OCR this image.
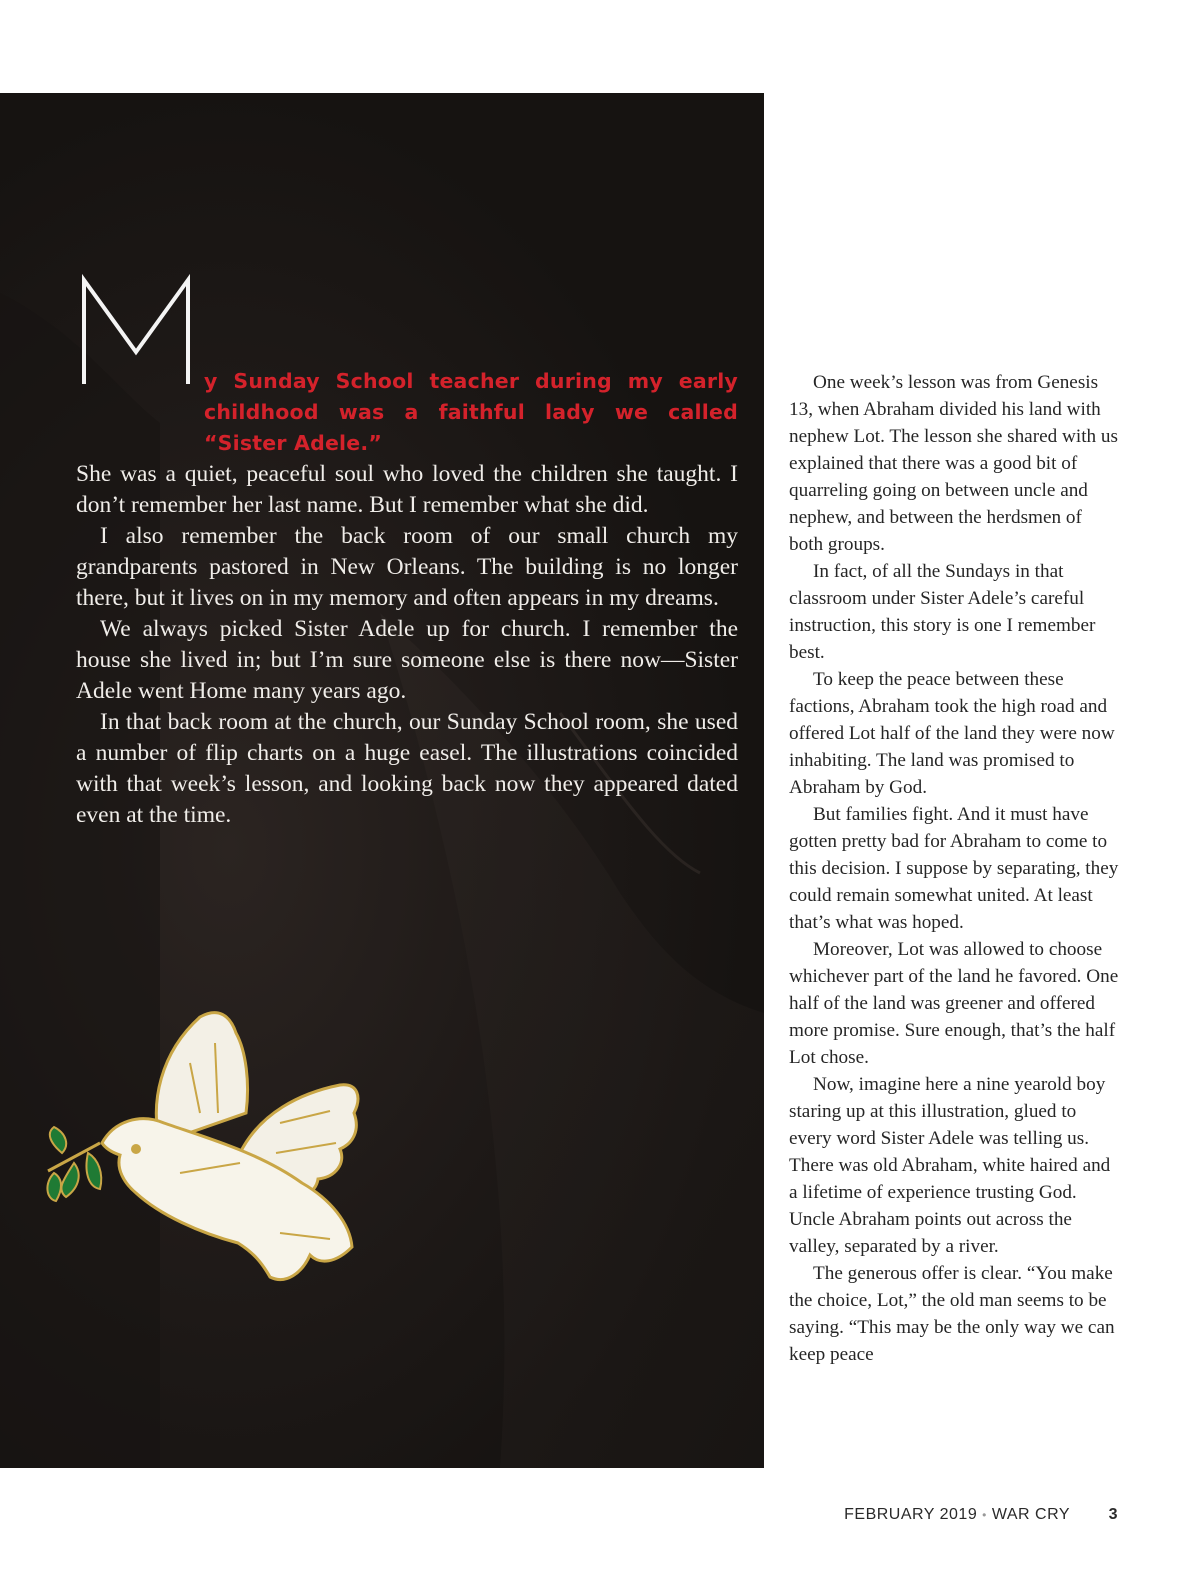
y Sunday School teacher during my early childhood was a faithful lady we called “Sister Adele.”

She was a quiet, peaceful soul who loved the children she taught. I don’t remember her last name. But I remember what she did.

I also remember the back room of our small church my grandparents pastored in New Orleans. The building is no longer there, but it lives on in my memory and often appears in my dreams.

We always picked Sister Adele up for church. I remember the house she lived in; but I’m sure someone else is there now—Sister Adele went Home many years ago.

In that back room at the church, our Sunday School room, she used a number of flip charts on a huge easel. The illustrations coincided with that week’s lesson, and looking back now they appeared dated even at the time.

One week’s lesson was from Genesis 13, when Abraham divided his land with nephew Lot. The lesson she shared with us explained that there was a good bit of quarreling going on between uncle and nephew, and between the herdsmen of both groups.

In fact, of all the Sundays in that classroom under Sister Adele’s careful instruction, this story is one I remember best.

To keep the peace between these factions, Abraham took the high road and offered Lot half of the land they were now inhabiting. The land was promised to Abraham by God.

But families fight. And it must have gotten pretty bad for Abraham to come to this decision. I suppose by separating, they could remain somewhat united. At least that’s what was hoped.

Moreover, Lot was allowed to choose whichever part of the land he favored. One half of the land was greener and offered more promise. Sure enough, that’s the half Lot chose.

Now, imagine here a nine yearold boy staring up at this illustration, glued to every word Sister Adele was telling us. There was old Abraham, white haired and a lifetime of experience trusting God. Uncle Abraham points out across the valley, separated by a river.

The generous offer is clear. “You make the choice, Lot,” the old man seems to be saying. “This may be the only way we can keep peace

FEBRUARY 2019 • WAR CRY 3
